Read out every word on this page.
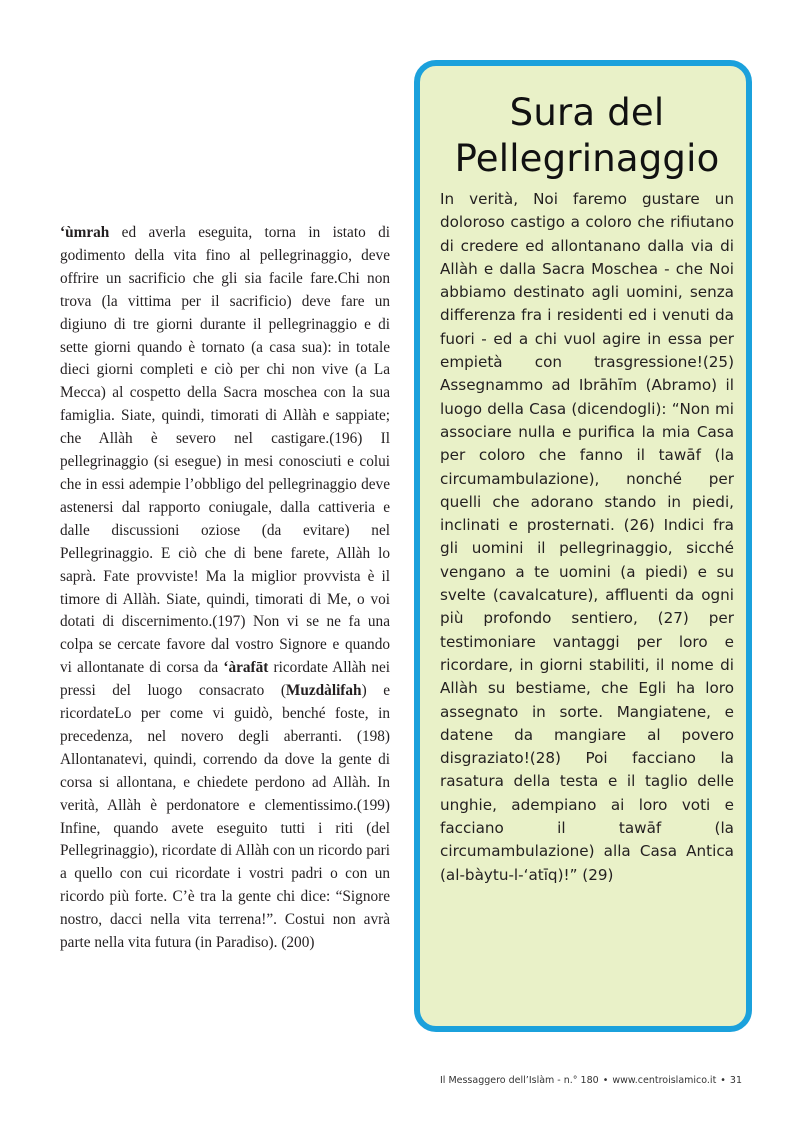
‘ùmrah ed averla eseguita, torna in istato di godimento della vita fino al pellegrinaggio, deve offrire un sacrificio che gli sia facile fare.Chi non trova (la vittima per il sacrificio) deve fare un digiuno di tre giorni durante il pellegrinaggio e di sette giorni quando è tornato (a casa sua): in totale dieci giorni completi e ciò per chi non vive (a La Mecca) al cospetto della Sacra moschea con la sua famiglia. Siate, quindi, timorati di Allàh e sappiate; che Allàh è severo nel castigare.(196) Il pellegrinaggio (si esegue) in mesi conosciuti e colui che in essi adempie l’obbligo del pellegrinaggio deve astenersi dal rapporto coniugale, dalla cattiveria e dalle discussioni oziose (da evitare) nel Pellegrinaggio. E ciò che di bene farete, Allàh lo saprà. Fate provviste! Ma la miglior provvista è il timore di Allàh. Siate, quindi, timorati di Me, o voi dotati di discernimento.(197) Non vi se ne fa una colpa se cercate favore dal vostro Signore e quando vi allontanate di corsa da ‘àrafāt ricordate Allàh nei pressi del luogo consacrato (Muzdàlifah) e ricordateLo per come vi guidò, benché foste, in precedenza, nel novero degli aberranti. (198) Allontanatevi, quindi, correndo da dove la gente di corsa si allontana, e chiedete perdono ad Allàh. In verità, Allàh è perdonatore e clementissimo.(199) Infine, quando avete eseguito tutti i riti (del Pellegrinaggio), ricordate di Allàh con un ricordo pari a quello con cui ricordate i vostri padri o con un ricordo più forte. C’è tra la gente chi dice: “Signore nostro, dacci nella vita terrena!”. Costui non avrà parte nella vita futura (in Paradiso). (200)
Sura del
Pellegrinaggio
In verità, Noi faremo gustare un doloroso castigo a coloro che rifiutano di credere ed allontanano dalla via di Allàh e dalla Sacra Moschea - che Noi abbiamo destinato agli uomini, senza differenza fra i residenti ed i venuti da fuori - ed a chi vuol agire in essa per empietà con trasgressione!(25) Assegnammo ad Ibrāhīm (Abramo) il luogo della Casa (dicendogli): “Non mi associare nulla e purifica la mia Casa per coloro che fanno il tawāf (la circumambulazione), nonché per quelli che adorano stando in piedi, inclinati e prosternati. (26) Indici fra gli uomini il pellegrinaggio, sicché vengano a te uomini (a piedi) e su svelte (cavalcature), affluenti da ogni più profondo sentiero, (27) per testimoniare vantaggi per loro e ricordare, in giorni stabiliti, il nome di Allàh su bestiame, che Egli ha loro assegnato in sorte. Mangiatene, e datene da mangiare al povero disgraziato!(28) Poi facciano la rasatura della testa e il taglio delle unghie, adempiano ai loro voti e facciano il tawāf (la circumambulazione) alla Casa Antica (al-bàytu-l-‘atīq)!” (29)
Il Messaggero dell’Islàm - n.° 180 • www.centroislamico.it • 31
